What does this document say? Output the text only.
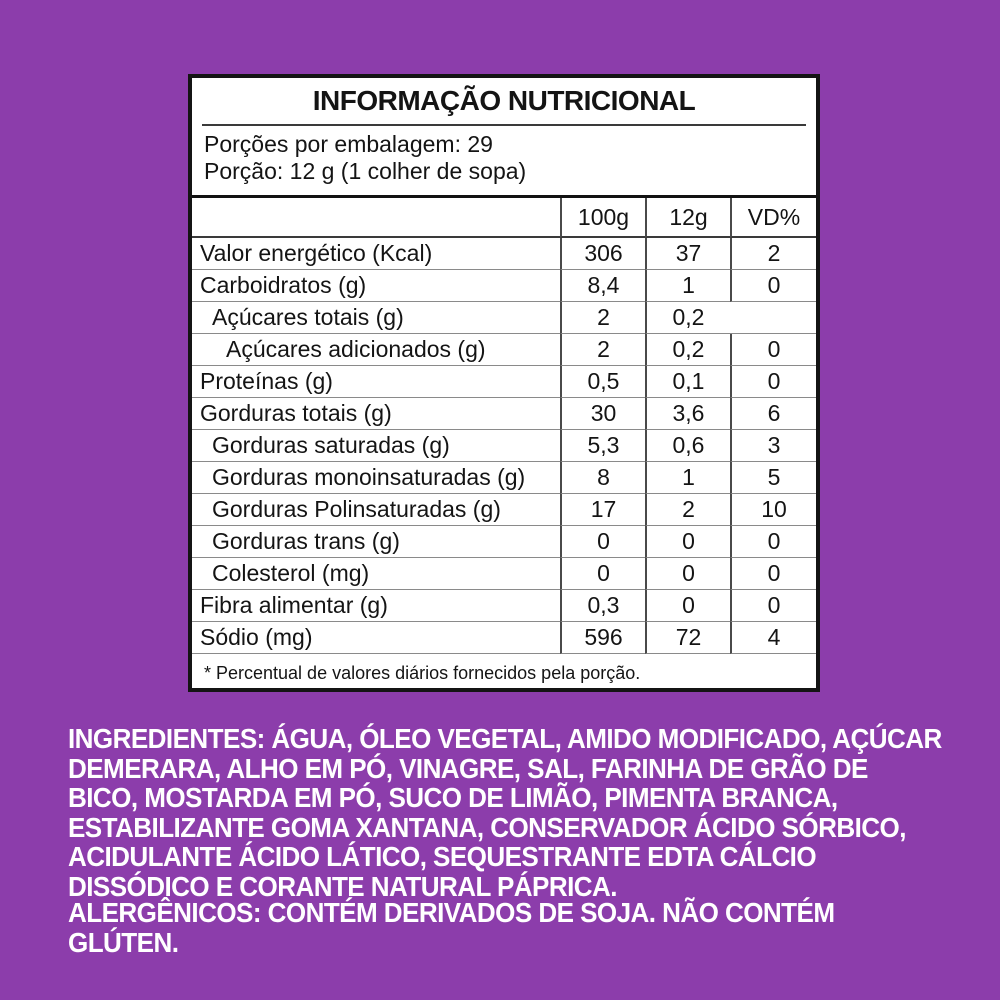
INFORMAÇÃO NUTRICIONAL
Porções por embalagem: 29
Porção: 12 g (1 colher de sopa)
100g	12g	VD%
Valor energético (Kcal)	306	37	2
Carboidratos (g)	8,4	1	0
Açúcares totais (g)	2	0,2
Açúcares adicionados (g)	2	0,2	0
Proteínas (g)	0,5	0,1	0
Gorduras totais (g)	30	3,6	6
Gorduras saturadas (g)	5,3	0,6	3
Gorduras monoinsaturadas (g)	8	1	5
Gorduras Polinsaturadas (g)	17	2	10
Gorduras trans (g)	0	0	0
Colesterol (mg)	0	0	0
Fibra alimentar (g)	0,3	0	0
Sódio (mg)	596	72	4
* Percentual de valores diários fornecidos pela porção.
INGREDIENTES: ÁGUA, ÓLEO VEGETAL, AMIDO MODIFICADO, AÇÚCAR DEMERARA, ALHO EM PÓ, VINAGRE, SAL, FARINHA DE GRÃO DE BICO, MOSTARDA EM PÓ, SUCO DE LIMÃO, PIMENTA BRANCA, ESTABILIZANTE GOMA XANTANA, CONSERVADOR ÁCIDO SÓRBICO, ACIDULANTE ÁCIDO LÁTICO, SEQUESTRANTE EDTA CÁLCIO DISSÓDICO E CORANTE NATURAL PÁPRICA.
ALERGÊNICOS: CONTÉM DERIVADOS DE SOJA. NÃO CONTÉM GLÚTEN.
